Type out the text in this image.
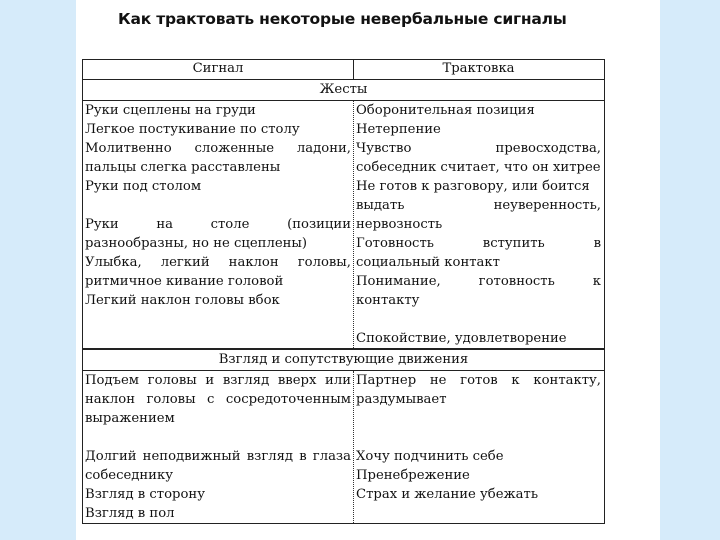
Как трактовать некоторые невербальные сигналы
Сигнал	Трактовка
Жесты
Руки сцеплены на груди
Легкое постукивание по столу
Молитвенно сложенные ладони,
пальцы слегка расставлены
Руки под столом
Руки на столе (позиции
разнообразны, но не сцеплены)
Улыбка, легкий наклон головы,
ритмичное кивание головой
Легкий наклон головы вбок
Оборонительная позиция
Нетерпение
Чувство превосходства,
собеседник считает, что он хитрее
Не готов к разговору, или боится
выдать неуверенность,
нервозность
Готовность вступить в
социальный контакт
Понимание, готовность к
контакту
Спокойствие, удовлетворение
Взгляд и сопутствующие движения
Подъем головы и взгляд вверх или
наклон головы с сосредоточенным
выражением
Долгий неподвижный взгляд в глаза
собеседнику
Взгляд в сторону
Взгляд в пол
Партнер не готов к контакту,
раздумывает
Хочу подчинить себе
Пренебрежение
Страх и желание убежать
